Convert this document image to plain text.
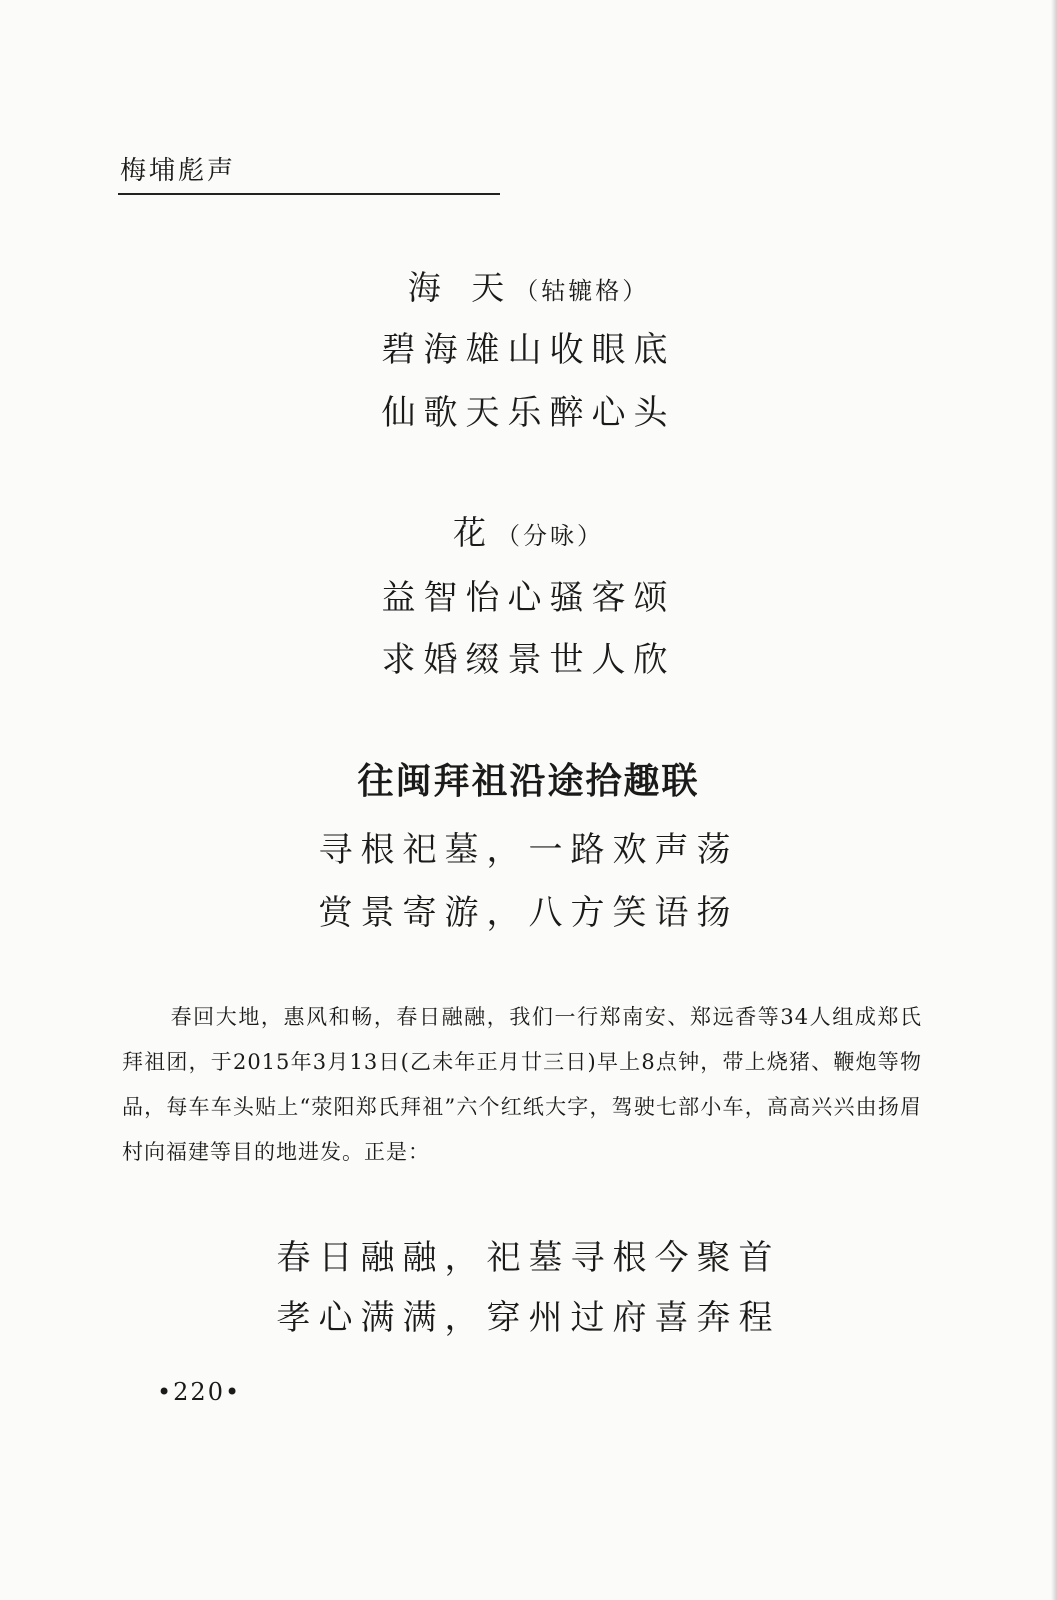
梅埔彪声
海 天（轱辘格）
碧海雄山收眼底
仙歌天乐醉心头
花（分咏）
益智怡心骚客颂
求婚缀景世人欣
往闽拜祖沿途拾趣联
寻根祀墓，一路欢声荡
赏景寄游，八方笑语扬
春回大地，惠风和畅，春日融融，我们一行郑南安、郑远香等34人组成郑氏拜祖团，于2015年3月13日(乙未年正月廿三日)早上8点钟，带上烧猪、鞭炮等物品，每车车头贴上“荥阳郑氏拜祖”六个红纸大字，驾驶七部小车，高高兴兴由扬眉村向福建等目的地进发。正是：
春日融融，祀墓寻根今聚首
孝心满满，穿州过府喜奔程
•220•
